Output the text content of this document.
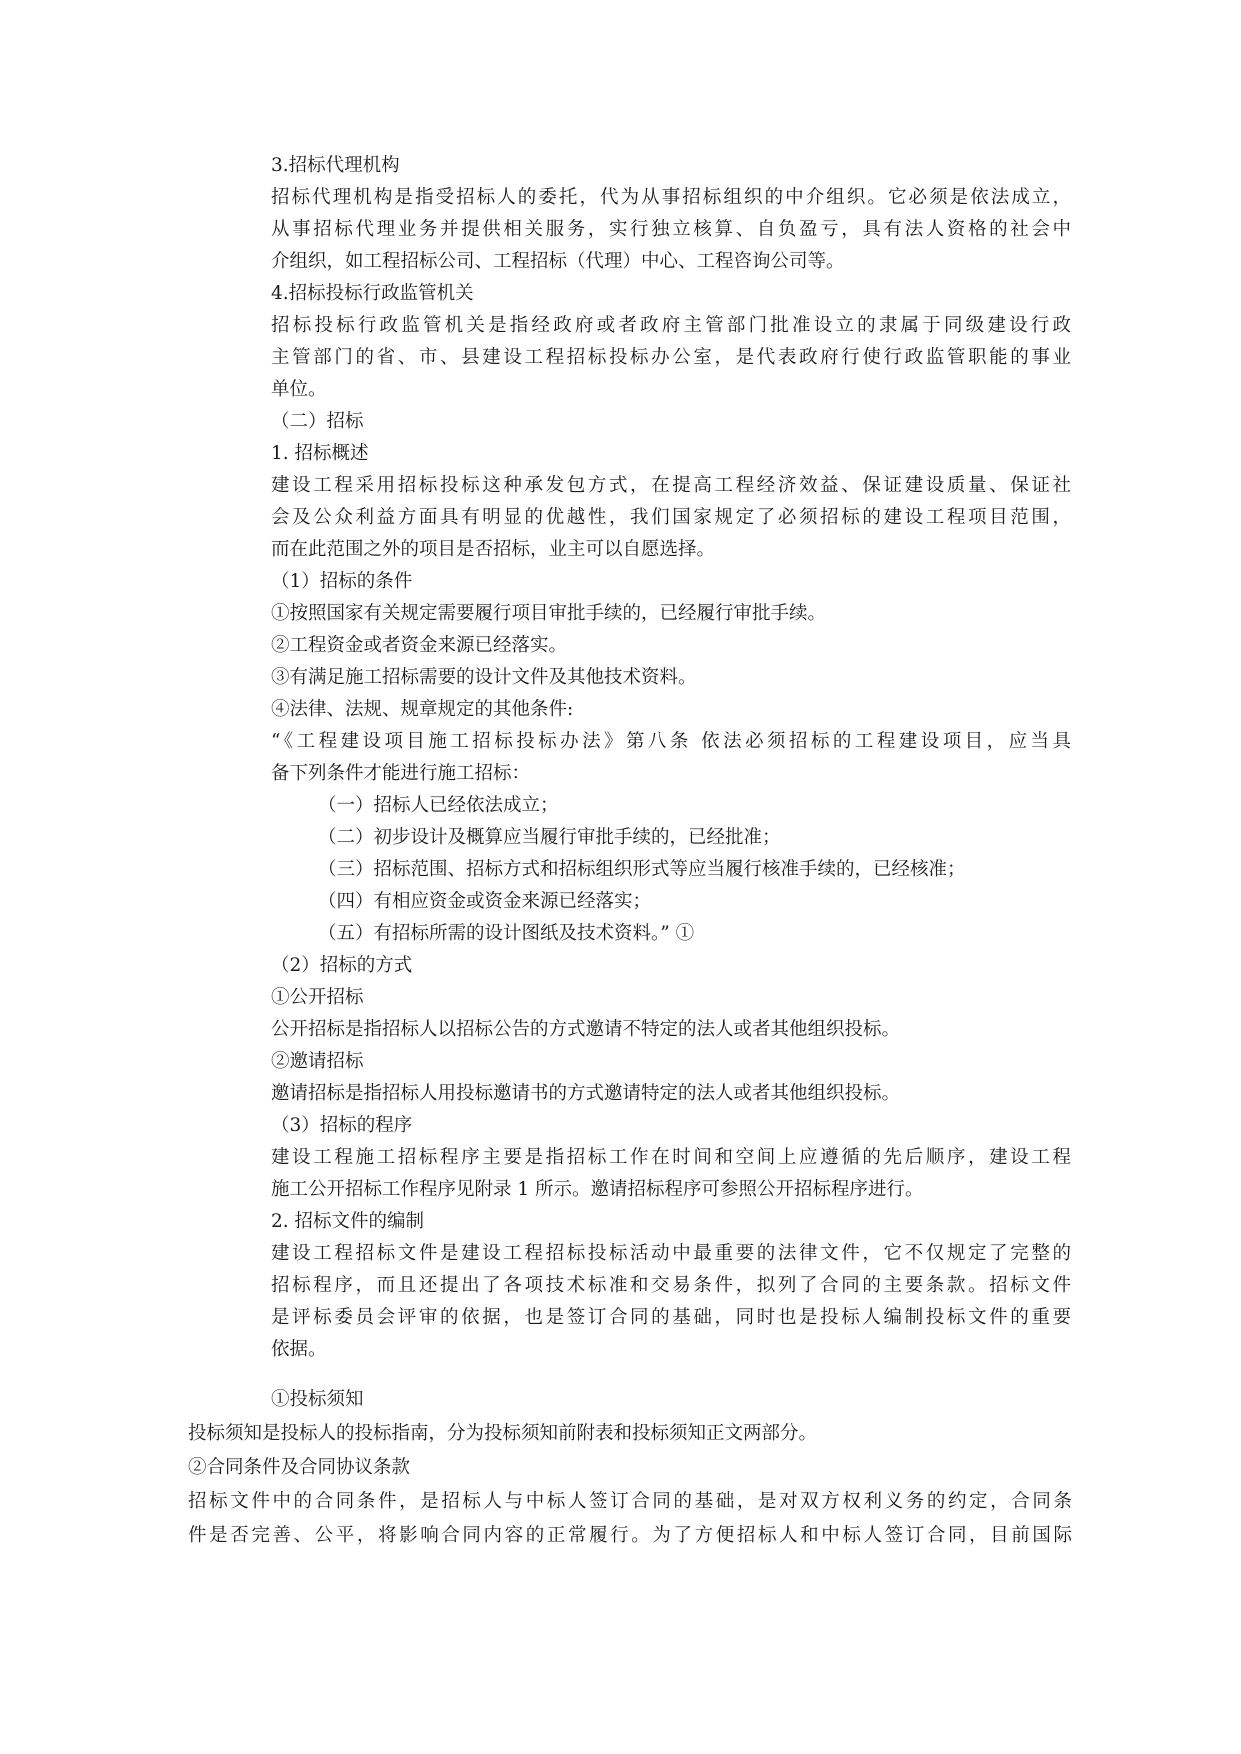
3.招标代理机构
招标代理机构是指受招标人的委托，代为从事招标组织的中介组织。它必须是依法成立，
从事招标代理业务并提供相关服务，实行独立核算、自负盈亏，具有法人资格的社会中
介组织，如工程招标公司、工程招标（代理）中心、工程咨询公司等。
4.招标投标行政监管机关
招标投标行政监管机关是指经政府或者政府主管部门批准设立的隶属于同级建设行政
主管部门的省、市、县建设工程招标投标办公室，是代表政府行使行政监管职能的事业
单位。
（二）招标
1. 招标概述
建设工程采用招标投标这种承发包方式，在提高工程经济效益、保证建设质量、保证社
会及公众利益方面具有明显的优越性，我们国家规定了必须招标的建设工程项目范围，
而在此范围之外的项目是否招标，业主可以自愿选择。
（1）招标的条件
①按照国家有关规定需要履行项目审批手续的，已经履行审批手续。
②工程资金或者资金来源已经落实。
③有满足施工招标需要的设计文件及其他技术资料。
④法律、法规、规章规定的其他条件:
“《工程建设项目施工招标投标办法》第八条 依法必须招标的工程建设项目，应当具
备下列条件才能进行施工招标：
（一）招标人已经依法成立；
（二）初步设计及概算应当履行审批手续的，已经批准；
（三）招标范围、招标方式和招标组织形式等应当履行核准手续的，已经核准；
（四）有相应资金或资金来源已经落实；
（五）有招标所需的设计图纸及技术资料。” ①
（2）招标的方式
①公开招标
公开招标是指招标人以招标公告的方式邀请不特定的法人或者其他组织投标。
②邀请招标
邀请招标是指招标人用投标邀请书的方式邀请特定的法人或者其他组织投标。
（3）招标的程序
建设工程施工招标程序主要是指招标工作在时间和空间上应遵循的先后顺序，建设工程
施工公开招标工作程序见附录 1 所示。邀请招标程序可参照公开招标程序进行。
2. 招标文件的编制
建设工程招标文件是建设工程招标投标活动中最重要的法律文件，它不仅规定了完整的
招标程序，而且还提出了各项技术标准和交易条件，拟列了合同的主要条款。招标文件
是评标委员会评审的依据，也是签订合同的基础，同时也是投标人编制投标文件的重要
依据。
①投标须知
投标须知是投标人的投标指南，分为投标须知前附表和投标须知正文两部分。
②合同条件及合同协议条款
招标文件中的合同条件，是招标人与中标人签订合同的基础，是对双方权利义务的约定，合同条
件是否完善、公平，将影响合同内容的正常履行。为了方便招标人和中标人签订合同，目前国际
